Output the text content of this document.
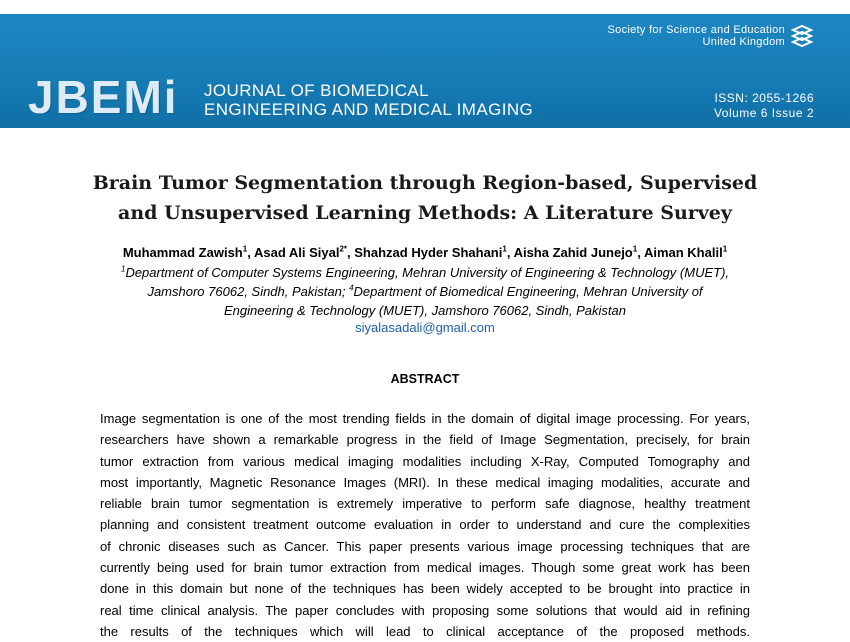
Society for Science and Education
United Kingdom
JBEMi JOURNAL OF BIOMEDICAL
ENGINEERING AND MEDICAL IMAGING
ISSN: 2055-1266
Volume 6 Issue 2
Brain Tumor Segmentation through Region-based, Supervised
and Unsupervised Learning Methods: A Literature Survey
Muhammad Zawish$^1$, Asad Ali Siyal$^{2*}$, Shahzad Hyder Shahani$^1$, Aisha Zahid Junejo$^1$, Aiman Khalil$^1$
$^1$Department of Computer Systems Engineering, Mehran University of Engineering & Technology (MUET),
Jamshoro 76062, Sindh, Pakistan; $^4$Department of Biomedical Engineering, Mehran University of
Engineering & Technology (MUET), Jamshoro 76062, Sindh, Pakistan
siyalasadali@gmail.com
ABSTRACT
Image segmentation is one of the most trending fields in the domain of digital image processing. For years,
researchers have shown a remarkable progress in the field of Image Segmentation, precisely, for brain
tumor extraction from various medical imaging modalities including X-Ray, Computed Tomography and
most importantly, Magnetic Resonance Images (MRI). In these medical imaging modalities, accurate and
reliable brain tumor segmentation is extremely imperative to perform safe diagnose, healthy treatment
planning and consistent treatment outcome evaluation in order to understand and cure the complexities
of chronic diseases such as Cancer. This paper presents various image processing techniques that are
currently being used for brain tumor extraction from medical images. Though some great work has been
done in this domain but none of the techniques has been widely accepted to be brought into practice in
real time clinical analysis. The paper concludes with proposing some solutions that would aid in refining
the results of the techniques which will lead to clinical acceptance of the proposed methods.
